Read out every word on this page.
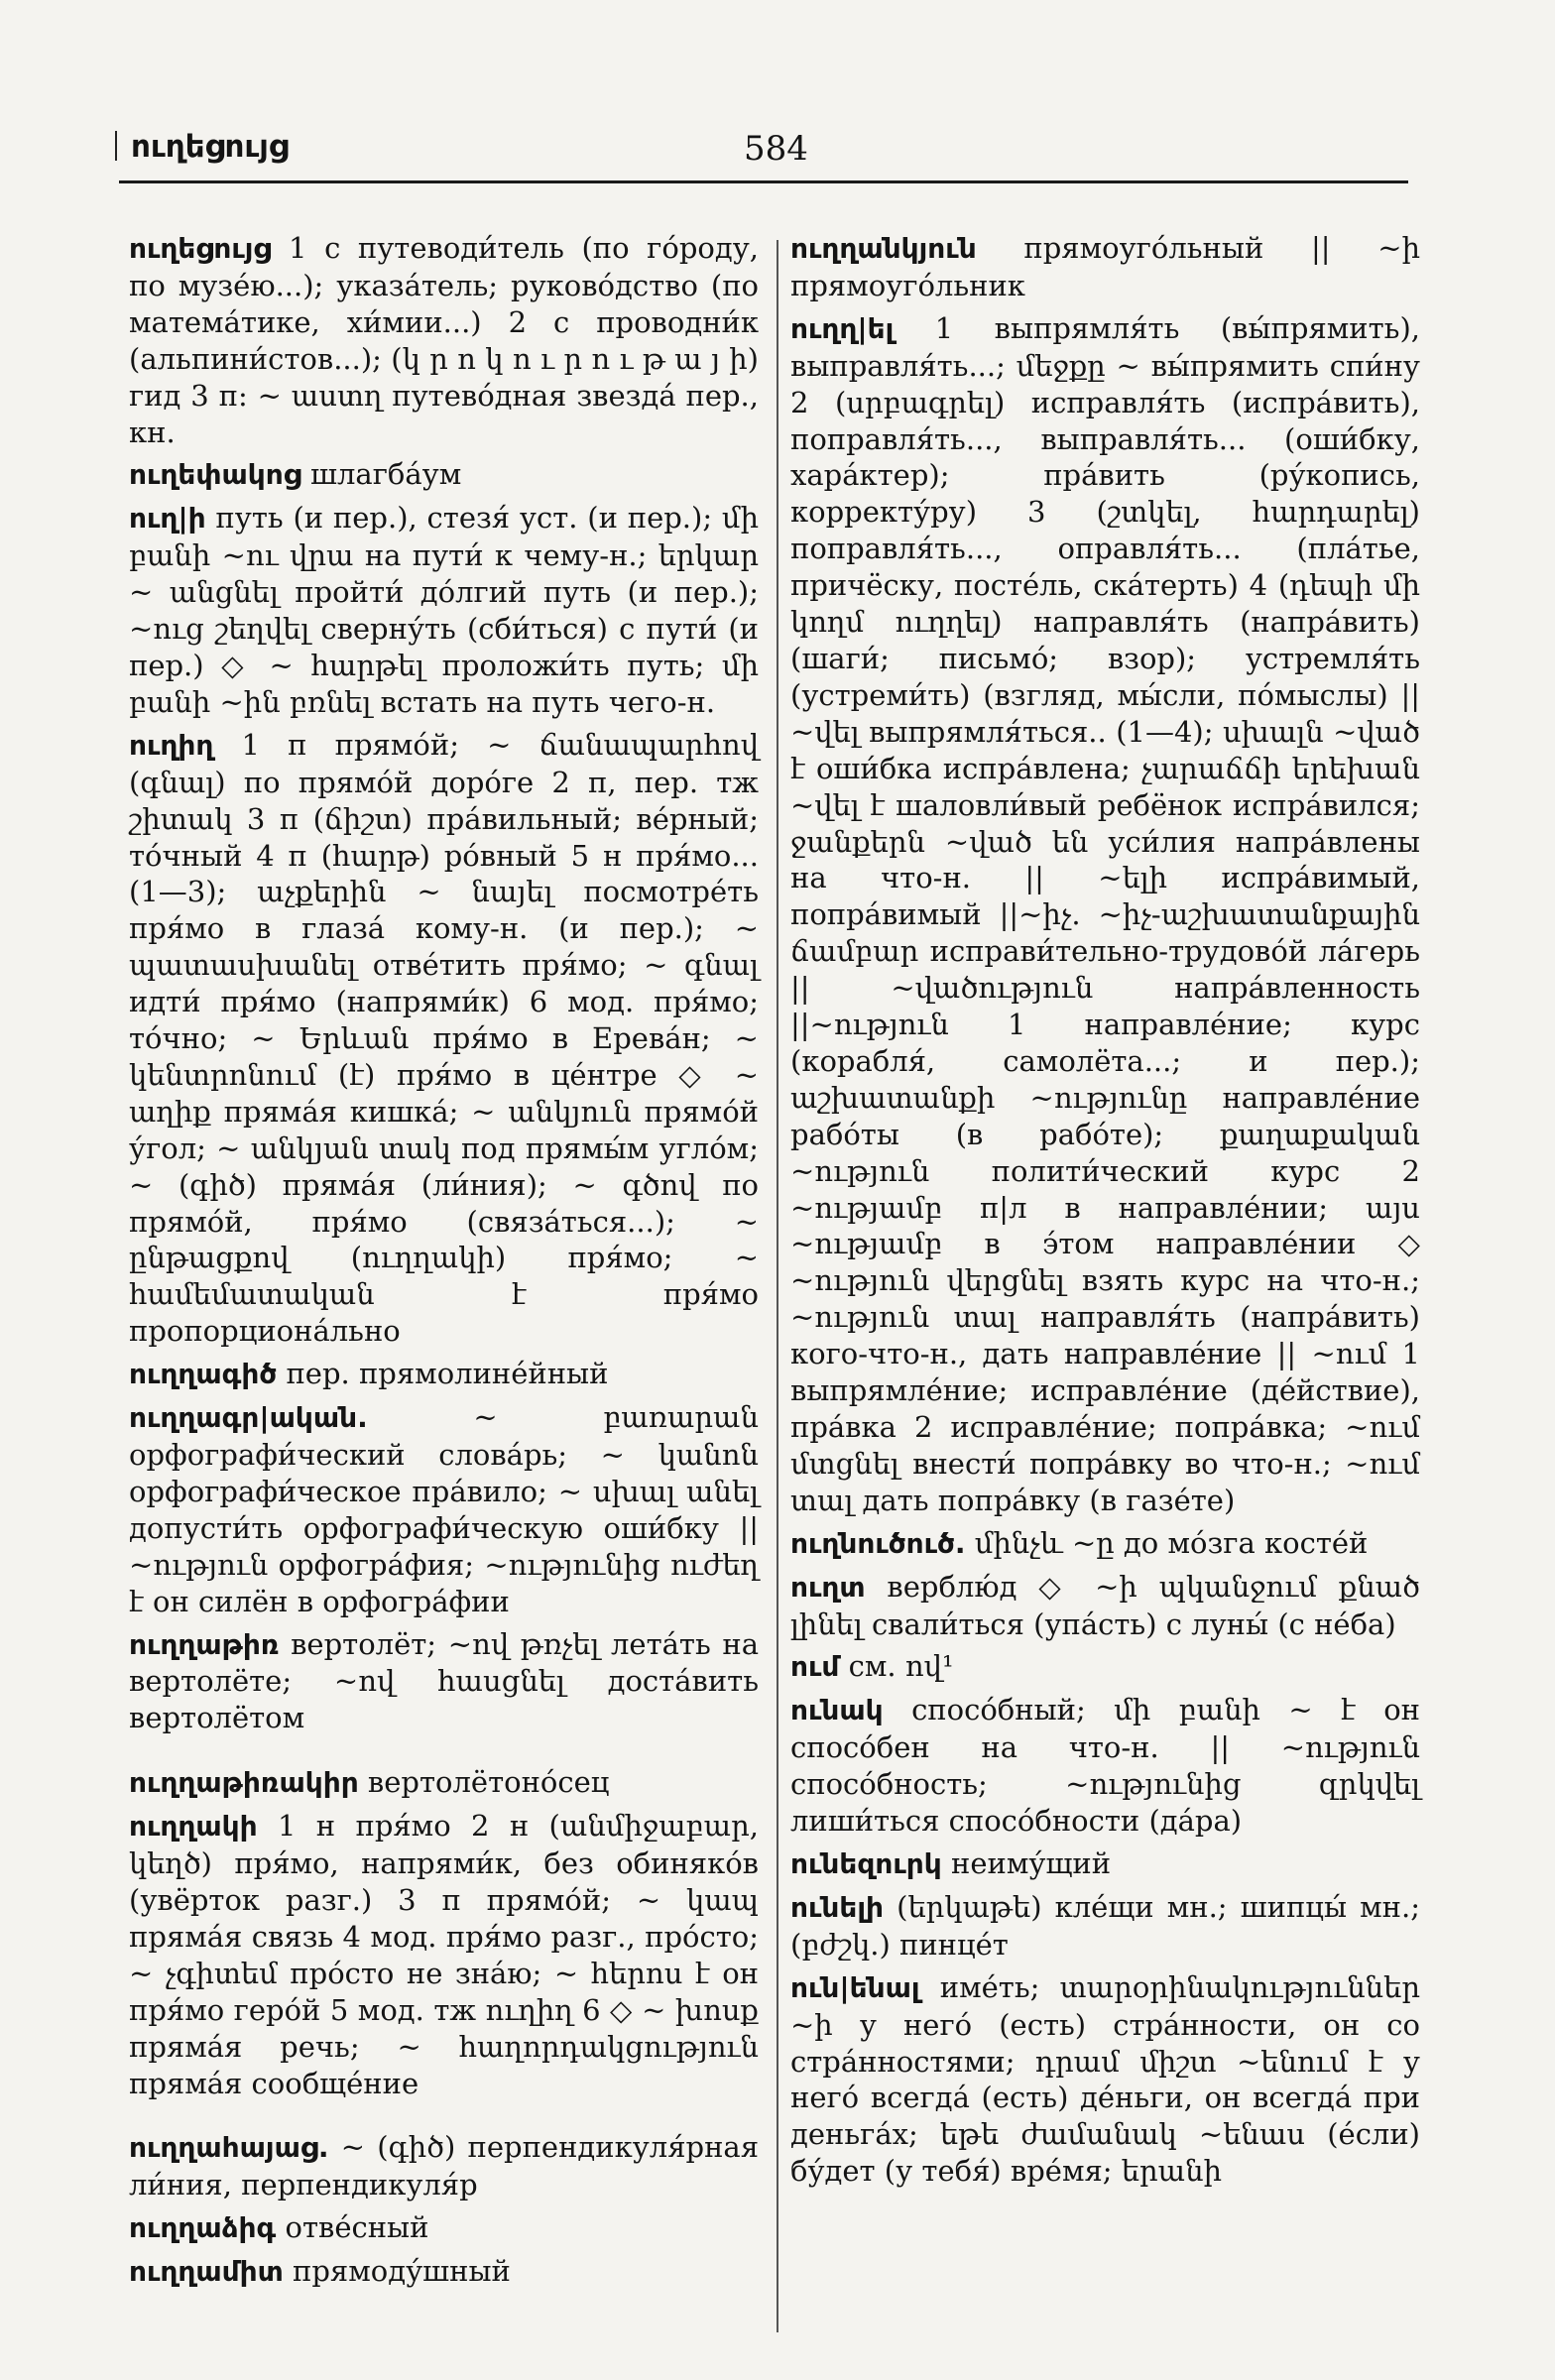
ուղեցույց	584

ուղեցույց 1 с путеводи́тель (по го́роду, по музе́ю...); указа́тель; руково́дство (по матема́тике, хи́мии...) 2 с проводни́к (альпини́стов...); (կ ր ո կ ո ւ ր ո ւ թ ա յ ի) гид 3 п: ~ աստղ путево́дная звезда́ пер., кн.

ուղեփակոց шлагба́ум

ուղ|ի путь (и пер.), стезя́ уст. (и пер.); մի բանի ~ու վրա на пути́ к чему-н.; երկար ~ անցնել пройти́ до́лгий путь (и пер.); ~ուց շեղվել сверну́ть (сби́ться) с пути́ (и пер.) ◇ ~ հարթել проложи́ть путь; մի բանի ~ին բռնել встать на путь чего-н.

ուղիղ 1 п прямо́й; ~ ճանապարհով (գնալ) по прямо́й доро́ге 2 п, пер. тж շիտակ 3 п (ճիշտ) пра́вильный; ве́рный; то́чный 4 п (հարթ) ро́вный 5 н пря́мо... (1—3); աչքերին ~ նայել посмотре́ть пря́мо в глаза́ кому-н. (и пер.); ~ պատասխանել отве́тить пря́мо; ~ գնալ идти́ пря́мо (напрями́к) 6 мод. пря́мо; то́чно; ~ Երևան пря́мо в Ерева́н; ~ կենտրոնում (է) пря́мо в це́нтре ◇ ~ աղիք пряма́я кишка́; ~ անկյուն прямо́й у́гол; ~ անկյան տակ под прямы́м угло́м; ~ (գիծ) пряма́я (ли́ния); ~ գծով по прямо́й, пря́мо (связа́ться...); ~ ընթացքով (ուղղակի) пря́мо; ~ համեմատական է пря́мо пропорциона́льно

ուղղագիծ пер. прямолине́йный

ուղղագր|ական. ~ բառարան орфографи́ческий слова́рь; ~ կանոն орфографи́ческое пра́вило; ~ սխալ անել допусти́ть орфографи́ческую оши́бку || ~ություն орфогра́фия; ~ությունից ուժեղ է он силён в орфогра́фии

ուղղաթիռ вертолёт; ~ով թռչել лета́ть на вертолёте; ~ով հասցնել доста́вить вертолётом

ուղղաթիռակիր вертолётоно́сец

ուղղակի 1 н пря́мо 2 н (անմիջաբար, կեղծ) пря́мо, напрями́к, без обиняко́в (увёрток разг.) 3 п прямо́й; ~ կապ пряма́я связь 4 мод. пря́мо разг., про́сто; ~ չգիտեմ про́сто не зна́ю; ~ հերոս է он пря́мо геро́й 5 мод. тж ուղիղ 6 ◇ ~ խոսք пряма́я речь; ~ հաղորդակցություն пряма́я сообще́ние

ուղղահայաց. ~ (գիծ) перпендикуля́рная ли́ния, перпендикуля́р

ուղղաձիգ отве́сный

ուղղամիտ прямоду́шный

ուղղանկյուն прямоуго́льный || ~ի прямоуго́льник

ուղղ|ել 1 выпрямля́ть (вы́прямить), выправля́ть...; մեջքը ~ вы́прямить спи́ну 2 (սրբագրել) исправля́ть (испра́вить), поправля́ть..., выправля́ть... (оши́бку, хара́ктер); пра́вить (ру́копись, корректу́ру) 3 (շտկել, հարդարել) поправля́ть..., оправля́ть... (пла́тье, причёску, посте́ль, ска́терть) 4 (դեպի մի կողմ ուղղել) направля́ть (напра́вить) (шаги́; письмо́; взор); устремля́ть (устреми́ть) (взгляд, мы́сли, по́мыслы) || ~վել выпрямля́ться.. (1—4); սխալն ~ված է оши́бка испра́влена; չարաճճի երեխան ~վել է шаловли́вый ребёнок испра́вился; ջանքերն ~ված են уси́лия напра́влены на что-н. || ~ելի испра́вимый, попра́вимый ||~իչ. ~իչ-աշխատանքային ճամբար исправи́тельно-трудово́й ла́герь || ~վածություն напра́вленность ||~ություն 1 направле́ние; курс (корабля́, самолёта...; и пер.); աշխատանքի ~ությունը направле́ние рабо́ты (в рабо́те); քաղաքական ~ություն полити́ческий курс 2 ~ությամբ п|л в направле́нии; այս ~ությամբ в э́том направле́нии ◇ ~ություն վերցնել взять курс на что-н.; ~ություն տալ направля́ть (напра́вить) кого-что-н., дать направле́ние || ~ում 1 выпрямле́ние; исправле́ние (де́йствие), пра́вка 2 исправле́ние; попра́вка; ~ում մտցնել внести́ попра́вку во что-н.; ~ում տալ дать попра́вку (в газе́те)

ուղնուծուծ. մինչև ~ը до мо́зга косте́й

ուղտ верблю́д ◇ ~ի պկանջում քնած լինել свали́ться (упа́сть) с луны́ (с не́ба)

ում см. ով¹

ունակ спосо́бный; մի բանի ~ է он спосо́бен на что-н. || ~ություն спосо́бность; ~ությունից զրկվել лиши́ться спосо́бности (да́ра)

ունեզուրկ неиму́щий

ունելի (երկաթե) кле́щи мн.; шипцы́ мн.; (բժշկ.) пинце́т

ուն|ենալ име́ть; տարօրինակություններ ~ի у него́ (есть) стра́нности, он со стра́нностями; դրամ միշտ ~ենում է у него́ всегда́ (есть) де́ньги, он всегда́ при деньга́х; եթե ժամանակ ~ենաս (е́сли) бу́дет (у тебя́) вре́мя; երանի
